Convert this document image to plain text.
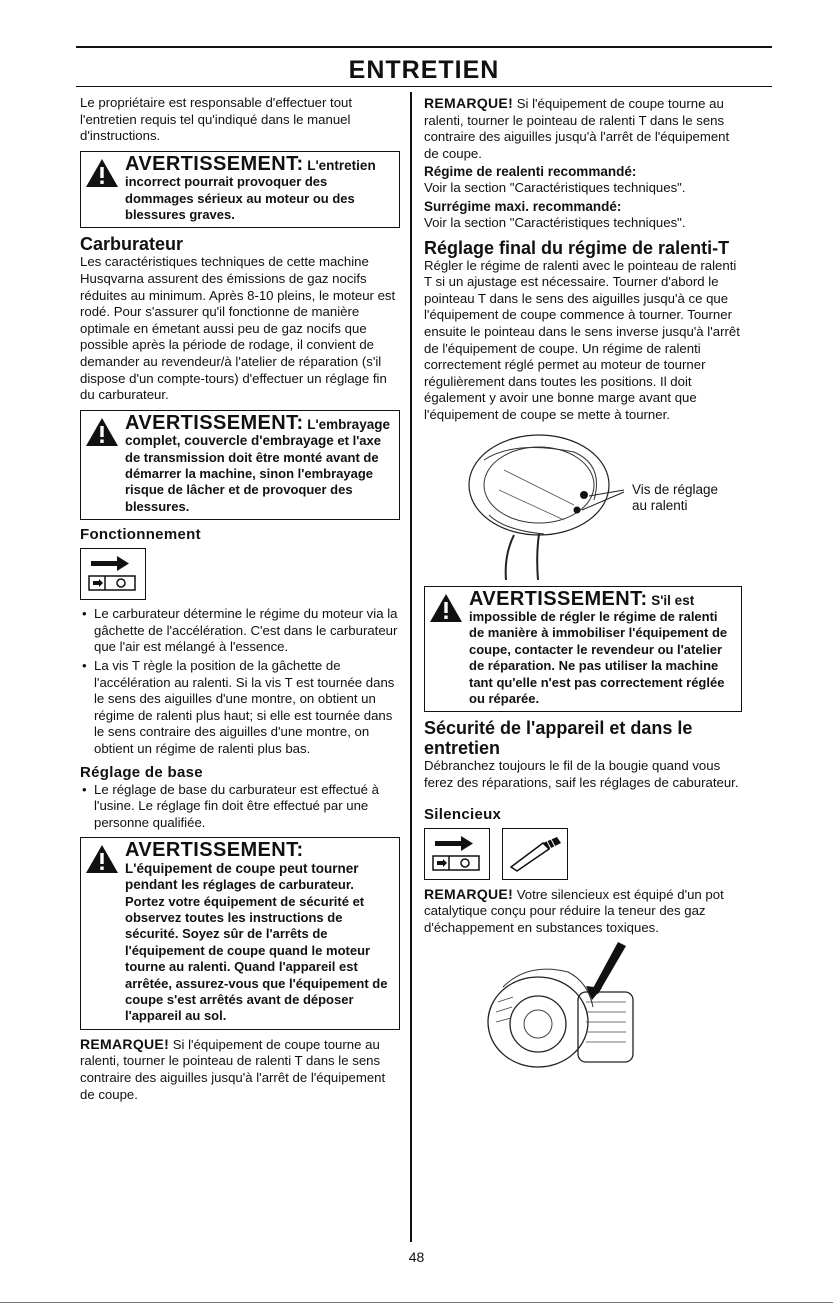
ENTRETIEN

Le propriétaire est responsable d'effectuer tout l'entretien requis tel qu'indiqué dans le manuel d'instructions.

AVERTISSEMENT: L'entretien incorrect pourrait provoquer des dommages sérieux au moteur ou des blessures graves.
Carburateur

Les caractéristiques techniques de cette machine Husqvarna assurent des émissions de gaz nocifs réduites au minimum. Après 8-10 pleins, le moteur est rodé. Pour s'assurer qu'il fonctionne de manière optimale en émetant aussi peu de gaz nocifs que possible après la période de rodage, il convient de demander au revendeur/à l'atelier de réparation (s'il dispose d'un compte-tours) d'effectuer un réglage fin du carburateur.

AVERTISSEMENT: L'embrayage complet, couvercle d'embrayage et l'axe de transmission doit être monté avant de démarrer la machine, sinon l'embrayage risque de lâcher et de provoquer des blessures.
Fonctionnement
• Le carburateur détermine le régime du moteur via la gâchette de l'accélération. C'est dans le carburateur que l'air est mélangé à l'essence.
• La vis T règle la position de la gâchette de l'accélération au ralenti. Si la vis T est tournée dans le sens des aiguilles d'une montre, on obtient un régime de ralenti plus haut; si elle est tournée dans le sens contraire des aiguilles d'une montre, on obtient un régime de ralenti plus bas.
Réglage de base
• Le réglage de base du carburateur est effectué à l'usine. Le réglage fin doit être effectué par une personne qualifiée.
AVERTISSEMENT: L'équipement de coupe peut tourner pendant les réglages de carburateur. Portez votre équipement de sécurité et observez toutes les instructions de sécurité. Soyez sûr de l'arrêts de l'équipement de coupe quand le moteur tourne au ralenti. Quand l'appareil est arrêtée, assurez-vous que l'équipement de coupe s'est arrêtés avant de déposer l'appareil au sol.

REMARQUE! Si l'équipement de coupe tourne au ralenti, tourner le pointeau de ralenti T dans le sens contraire des aiguilles jusqu'à l'arrêt de l'équipement de coupe.

REMARQUE! Si l'équipement de coupe tourne au ralenti, tourner le pointeau de ralenti T dans le sens contraire des aiguilles jusqu'à l'arrêt de l'équipement de coupe.

Régime de realenti recommandé:

Voir la section "Caractéristiques techniques".

Surrégime maxi. recommandé:

Voir la section "Caractéristiques techniques".

Réglage final du régime de ralenti-T

Régler le régime de ralenti avec le pointeau de ralenti T si un ajustage est nécessaire. Tourner d'abord le pointeau T dans le sens des aiguilles jusqu'à ce que l'équipement de coupe commence à tourner. Tourner ensuite le pointeau dans le sens inverse jusqu'à l'arrêt de l'équipement de coupe. Un régime de ralenti correctement réglé permet au moteur de tourner régulièrement dans toutes les positions. Il doit également y avoir une bonne marge avant que l'équipement de coupe se mette à tourner.

Vis de réglage au ralenti
AVERTISSEMENT: S'il est impossible de régler le régime de ralenti de manière à immobiliser l'équipement de coupe, contacter le revendeur ou l'atelier de réparation. Ne pas utiliser la machine tant qu'elle n'est pas correctement réglée ou réparée.
Sécurité de l'appareil et dans le entretien

Débranchez toujours le fil de la bougie quand vous ferez des réparations, saif les réglages de caburateur.

Silencieux

REMARQUE! Votre silencieux est équipé d'un pot catalytique conçu pour réduire la teneur des gaz d'échappement en substances toxiques.

48
